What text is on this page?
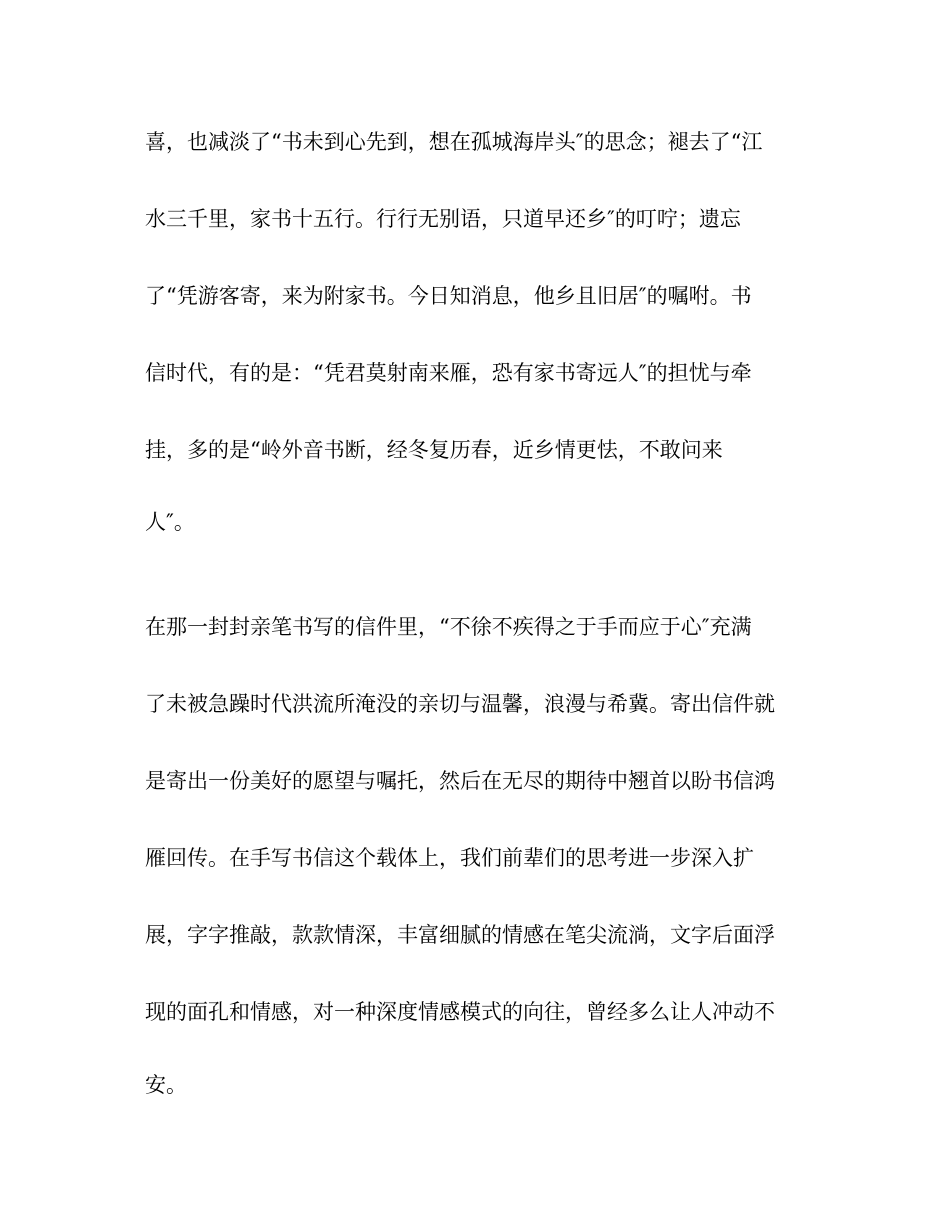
喜，也减淡了“书未到心先到，想在孤城海岸头″的思念；褪去了“江
水三千里，家书十五行。行行无别语，只道早还乡″的叮咛；遗忘
了“凭游客寄，来为附家书。今日知消息，他乡且旧居″的嘱咐。书
信时代，有的是：“凭君莫射南来雁，恐有家书寄远人″的担忧与牵
挂，多的是“岭外音书断，经冬复历春，近乡情更怯，不敢问来
人″。
在那一封封亲笔书写的信件里，“不徐不疾得之于手而应于心″充满
了未被急躁时代洪流所淹没的亲切与温馨，浪漫与希冀。寄出信件就
是寄出一份美好的愿望与嘱托，然后在无尽的期待中翘首以盼书信鸿
雁回传。在手写书信这个载体上，我们前辈们的思考进一步深入扩
展，字字推敲，款款情深，丰富细腻的情感在笔尖流淌，文字后面浮
现的面孔和情感，对一种深度情感模式的向往，曾经多么让人冲动不
安。
